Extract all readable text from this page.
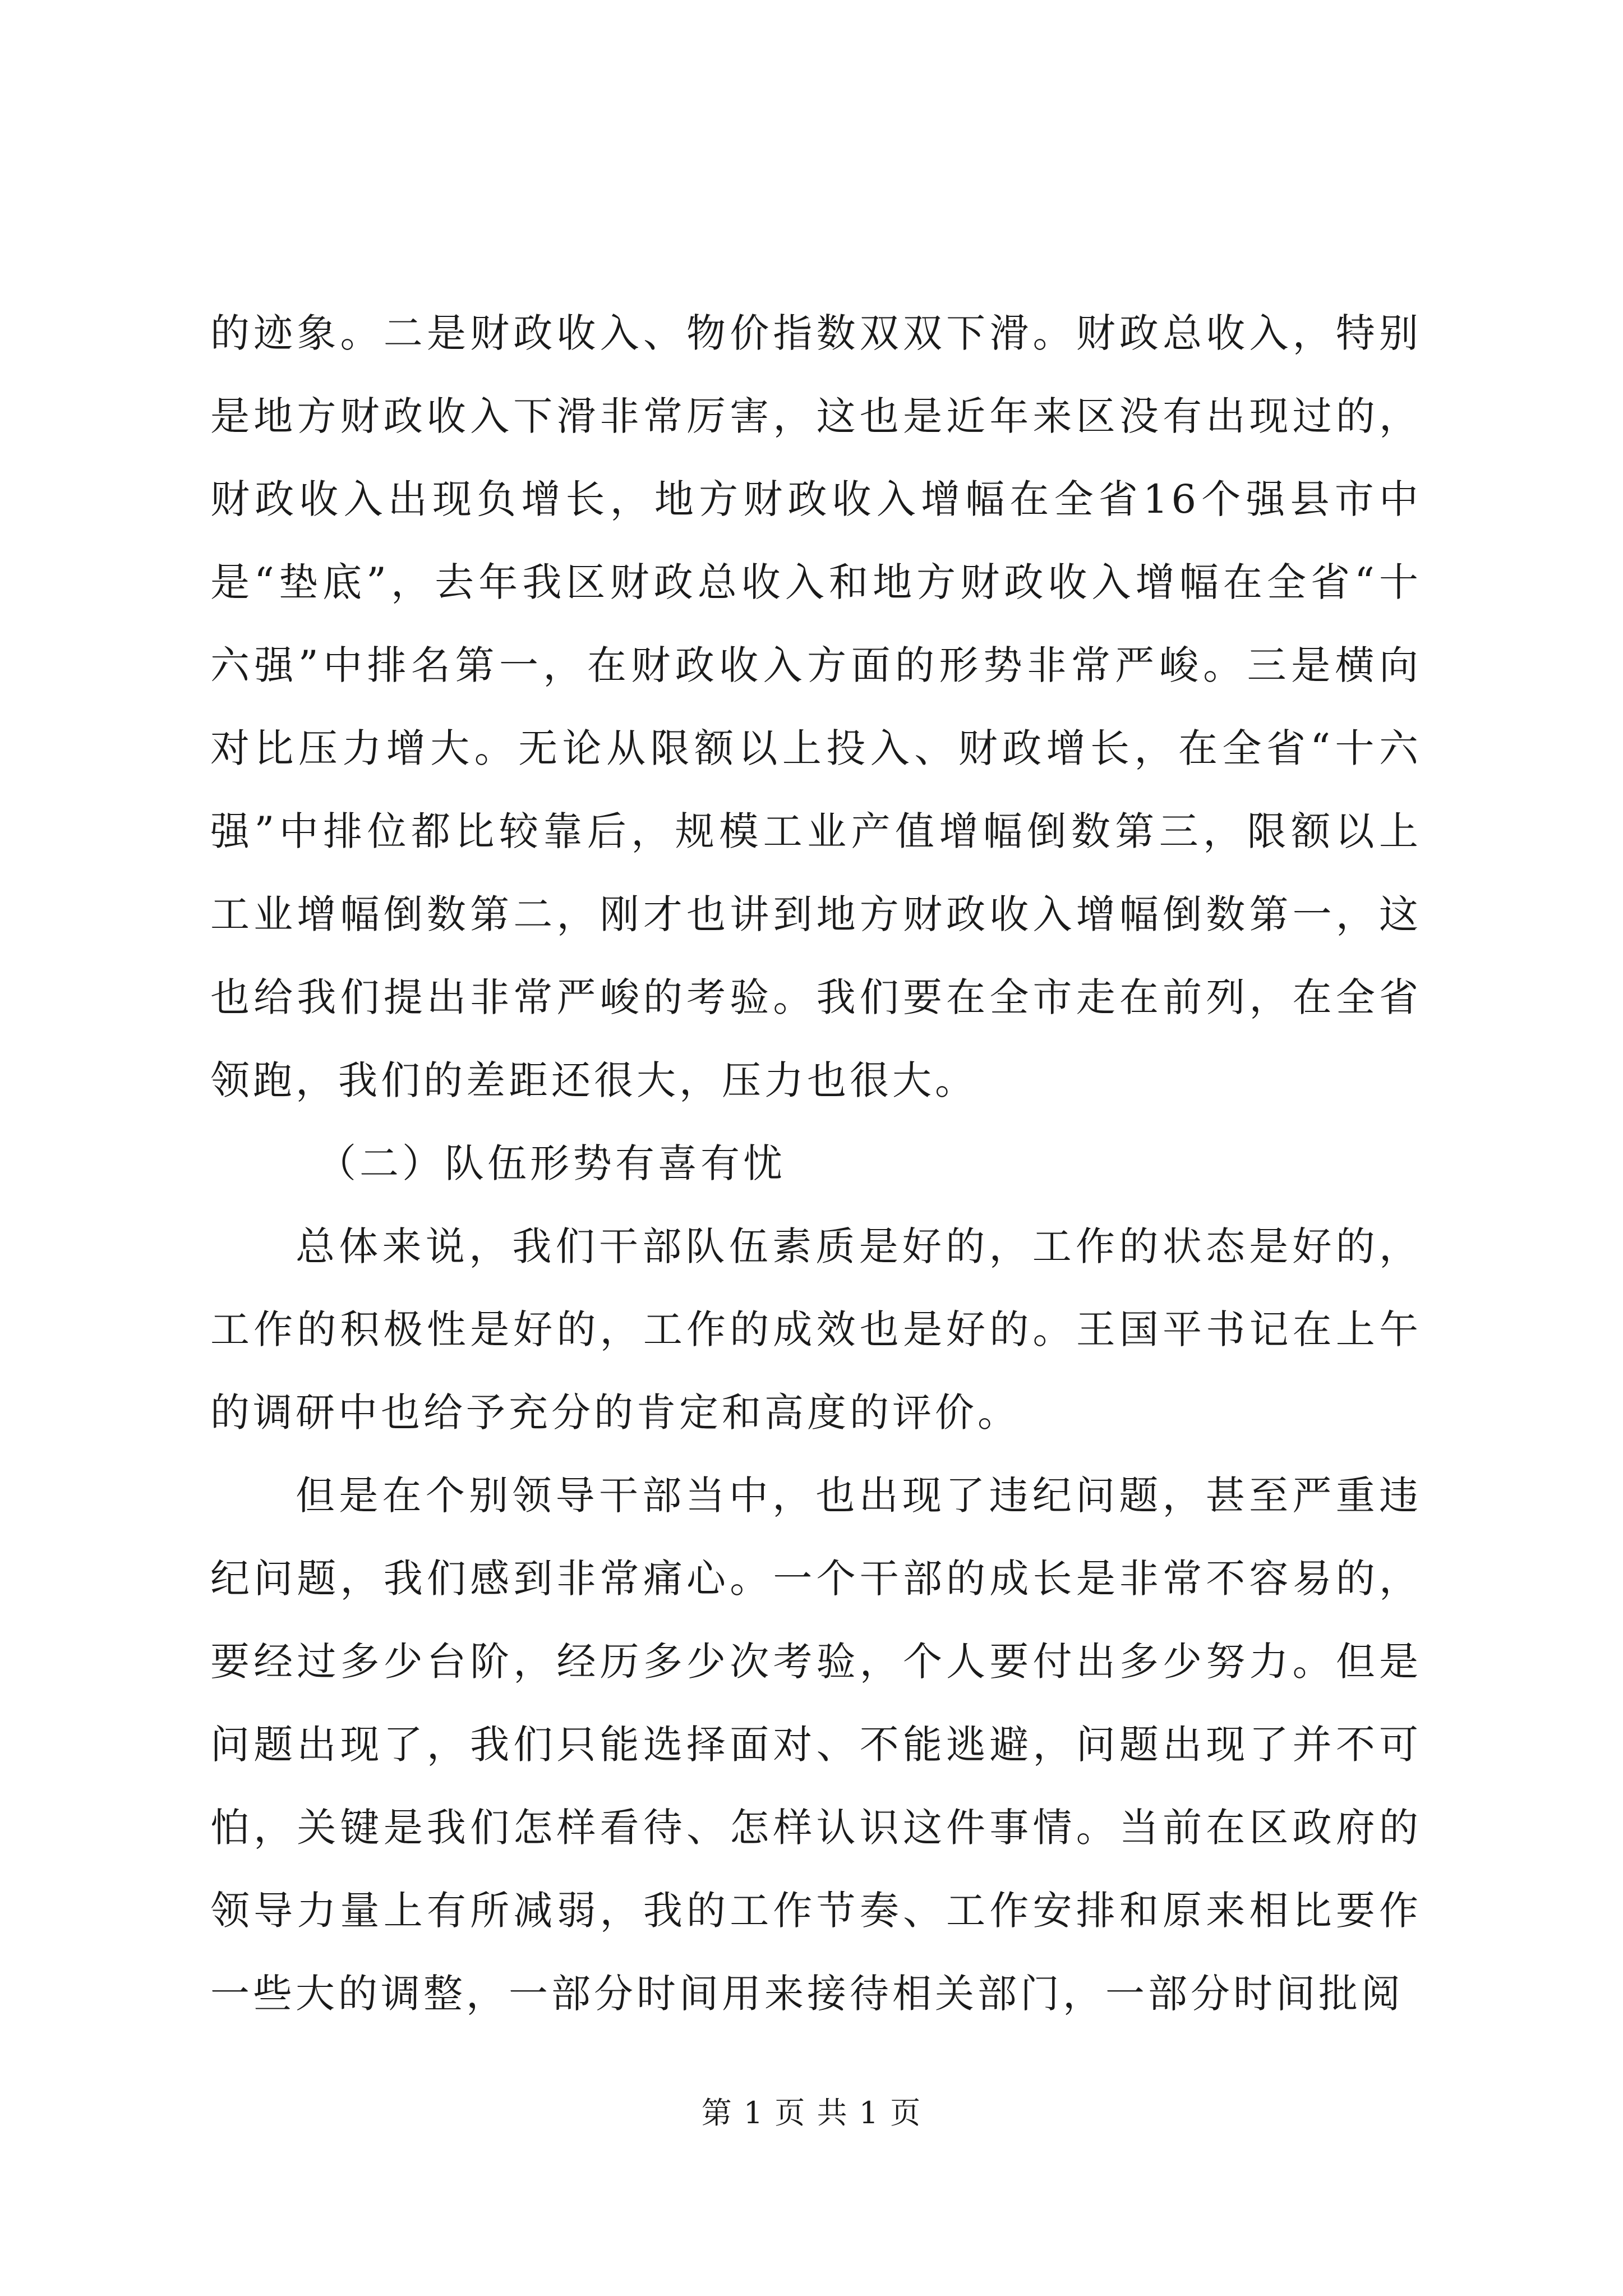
的迹象。二是财政收入、物价指数双双下滑。财政总收入，特别是地方财政收入下滑非常厉害，这也是近年来区没有出现过的，财政收入出现负增长，地方财政收入增幅在全省16个强县市中是“垫底”，去年我区财政总收入和地方财政收入增幅在全省“十六强”中排名第一，在财政收入方面的形势非常严峻。三是横向对比压力增大。无论从限额以上投入、财政增长，在全省“十六强”中排位都比较靠后，规模工业产值增幅倒数第三，限额以上工业增幅倒数第二，刚才也讲到地方财政收入增幅倒数第一，这也给我们提出非常严峻的考验。我们要在全市走在前列，在全省领跑，我们的差距还很大，压力也很大。

（二）队伍形势有喜有忧

总体来说，我们干部队伍素质是好的，工作的状态是好的，工作的积极性是好的，工作的成效也是好的。王国平书记在上午的调研中也给予充分的肯定和高度的评价。

但是在个别领导干部当中，也出现了违纪问题，甚至严重违纪问题，我们感到非常痛心。一个干部的成长是非常不容易的，要经过多少台阶，经历多少次考验，个人要付出多少努力。但是问题出现了，我们只能选择面对、不能逃避，问题出现了并不可怕，关键是我们怎样看待、怎样认识这件事情。当前在区政府的领导力量上有所减弱，我的工作节奏、工作安排和原来相比要作一些大的调整，一部分时间用来接待相关部门，一部分时间批阅

第 1 页 共 1 页
